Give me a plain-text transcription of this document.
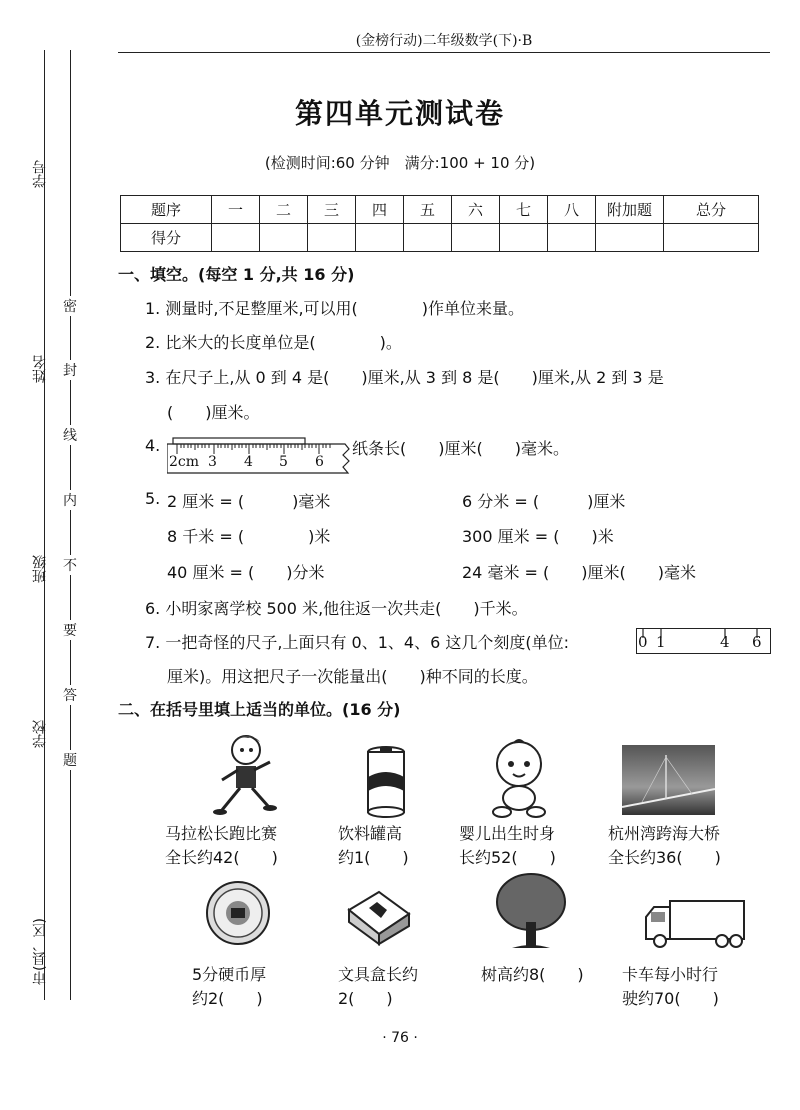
学号
姓名
班级
学校
市(县、区)
密
封
线
内
不
要
答
题
(金榜行动)二年级数学(下)·B
第四单元测试卷
(检测时间:60 分钟　满分:100 + 10 分)
题序	一	二	三	四	五	六	七	八	附加题	总分
得分										
一、填空。(每空 1 分,共 16 分)
1. 测量时,不足整厘米,可以用(　　　　)作单位来量。
2. 比米大的长度单位是(　　　　)。
3. 在尺子上,从 0 到 4 是(　　)厘米,从 3 到 8 是(　　)厘米,从 2 到 3 是
(　　)厘米。
4.
2cm 3 4 5 6
纸条长(　　)厘米(　　)毫米。
5. 2 厘米 = (　　　)毫米	6 分米 = (　　　)厘米
8 千米 = (　　　　)米	300 厘米 = (　　)米
40 厘米 = (　　)分米	24 毫米 = (　　)厘米(　　)毫米
6. 小明家离学校 500 米,他往返一次共走(　　)千米。
7. 一把奇怪的尺子,上面只有 0、1、4、6 这几个刻度(单位:	0 1	4 6
厘米)。用这把尺子一次能量出(　　)种不同的长度。
二、在括号里填上适当的单位。(16 分)
马拉松长跑比赛
全长约42(　　)
饮料罐高
约1(　　)
婴儿出生时身
长约52(　　)
杭州湾跨海大桥
全长约36(　　)
5分硬币厚
约2(　　)
文具盒长约
2(　　)
树高约8(　　) 卡车每小时行
驶约70(　　)
· 76 ·
